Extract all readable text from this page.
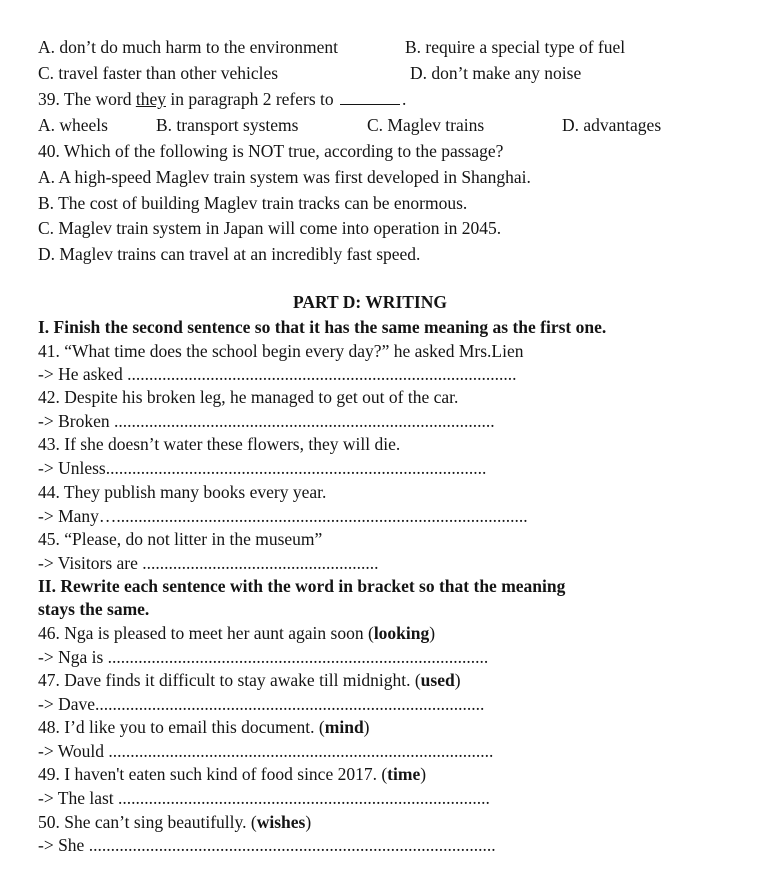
A. don’t do much harm to the environment	B. require a special type of fuel
C. travel faster than other vehicles	D. don’t make any noise
39. The word they in paragraph 2 refers to	.
A. wheels	B. transport systems	C. Maglev trains	D. advantages
40. Which of the following is NOT true, according to the passage?
A. A high-speed Maglev train system was first developed in Shanghai.
B. The cost of building Maglev train tracks can be enormous.
C. Maglev train system in Japan will come into operation in 2045.
D. Maglev trains can travel at an incredibly fast speed.
PART D: WRITING
I. Finish the second sentence so that it has the same meaning as the first one.
41. “What time does the school begin every day?” he asked Mrs.Lien
-> He asked .........................................................................................
42. Despite his broken leg, he managed to get out of the car.
-> Broken .......................................................................................
43. If she doesn’t water these flowers, they will die.
-> Unless.......................................................................................
44. They publish many books every year.
-> Many…..............................................................................................
45. “Please, do not litter in the museum”
-> Visitors are ......................................................
II. Rewrite each sentence with the word in bracket so that the meaning
stays the same.
46. Nga is pleased to meet her aunt again soon (looking)
-> Nga is .......................................................................................
47. Dave finds it difficult to stay awake till midnight. (used)
-> Dave.........................................................................................
48. I’d like you to email this document. (mind)
-> Would ........................................................................................
49. I haven't eaten such kind of food since 2017. (time)
-> The last .....................................................................................
50. She can’t sing beautifully. (wishes)
-> She .............................................................................................
